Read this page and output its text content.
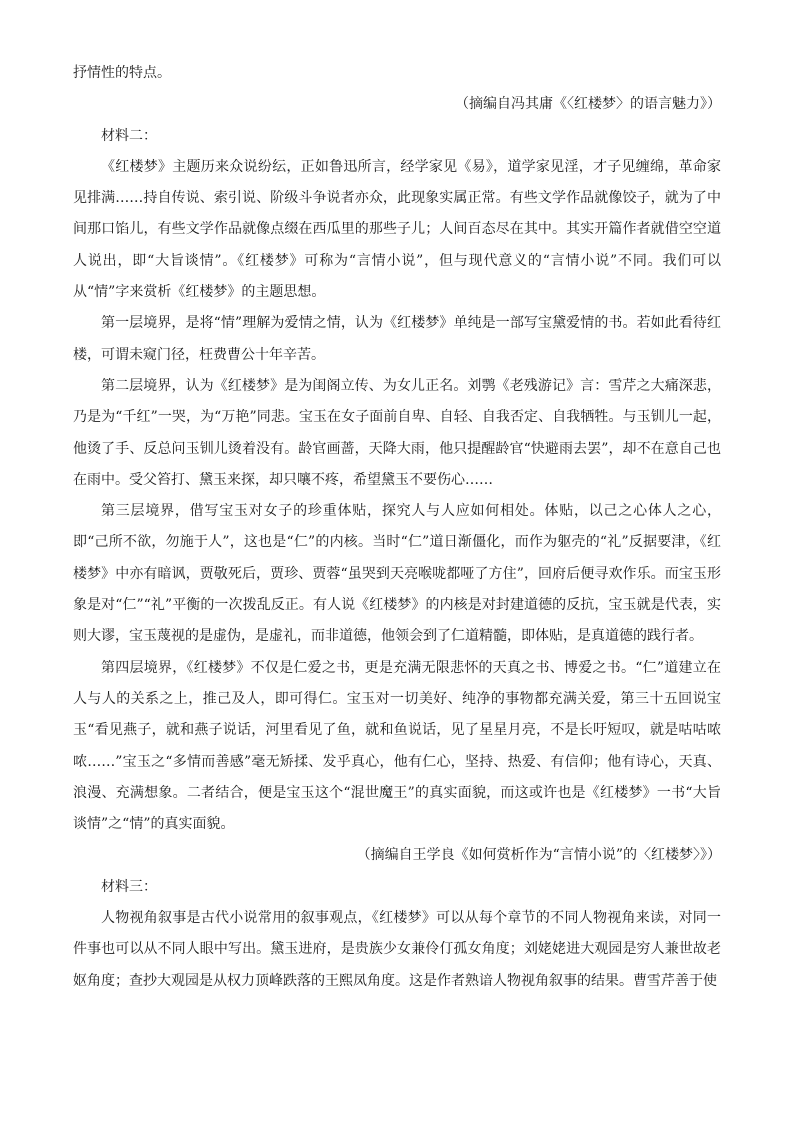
抒情性的特点。

（摘编自冯其庸《〈红楼梦〉的语言魅力》）

材料二：

《红楼梦》主题历来众说纷纭，正如鲁迅所言，经学家见《易》，道学家见淫，才子见缠绵，革命家见排满……持自传说、索引说、阶级斗争说者亦众，此现象实属正常。有些文学作品就像饺子，就为了中间那口馅儿，有些文学作品就像点缀在西瓜里的那些子儿；人间百态尽在其中。其实开篇作者就借空空道人说出，即“大旨谈情”。《红楼梦》可称为“言情小说”，但与现代意义的“言情小说”不同。我们可以从“情”字来赏析《红楼梦》的主题思想。

第一层境界，是将“情”理解为爱情之情，认为《红楼梦》单纯是一部写宝黛爱情的书。若如此看待红楼，可谓未窥门径，枉费曹公十年辛苦。

第二层境界，认为《红楼梦》是为闺阁立传、为女儿正名。刘鹗《老残游记》言：雪芹之大痛深悲，乃是为“千红”一哭，为“万艳”同悲。宝玉在女子面前自卑、自轻、自我否定、自我牺牲。与玉钏儿一起，他烫了手、反总问玉钏儿烫着没有。龄官画蔷，天降大雨，他只提醒龄官“快避雨去罢”，却不在意自己也在雨中。受父笞打、黛玉来探，却只嚷不疼，希望黛玉不要伤心……

第三层境界，借写宝玉对女子的珍重体贴，探究人与人应如何相处。体贴，以己之心体人之心，即“己所不欲，勿施于人”，这也是“仁”的内核。当时“仁”道日渐僵化，而作为躯壳的“礼”反据要津，《红楼梦》中亦有暗讽，贾敬死后，贾珍、贾蓉“虽哭到天亮喉咙都哑了方住”，回府后便寻欢作乐。而宝玉形象是对“仁”“礼”平衡的一次拨乱反正。有人说《红楼梦》的内核是对封建道德的反抗，宝玉就是代表，实则大谬，宝玉蔑视的是虚伪，是虚礼，而非道德，他领会到了仁道精髓，即体贴，是真道德的践行者。

第四层境界，《红楼梦》不仅是仁爱之书，更是充满无限悲怀的天真之书、博爱之书。“仁”道建立在人与人的关系之上，推己及人，即可得仁。宝玉对一切美好、纯净的事物都充满关爱，第三十五回说宝玉“看见燕子，就和燕子说话，河里看见了鱼，就和鱼说话，见了星星月亮，不是长吁短叹，就是咕咕哝哝……”宝玉之“多情而善感”毫无矫揉、发乎真心，他有仁心，坚持、热爱、有信仰；他有诗心，天真、浪漫、充满想象。二者结合，便是宝玉这个“混世魔王”的真实面貌，而这或许也是《红楼梦》一书“大旨谈情”之“情”的真实面貌。

（摘编自王学良《如何赏析作为“言情小说”的〈红楼梦〉》）

材料三：

人物视角叙事是古代小说常用的叙事观点，《红楼梦》可以从每个章节的不同人物视角来读，对同一件事也可以从不同人眼中写出。黛玉进府，是贵族少女兼伶仃孤女角度；刘姥姥进大观园是穷人兼世故老妪角度；查抄大观园是从权力顶峰跌落的王熙凤角度。这是作者熟谙人物视角叙事的结果。曹雪芹善于使
